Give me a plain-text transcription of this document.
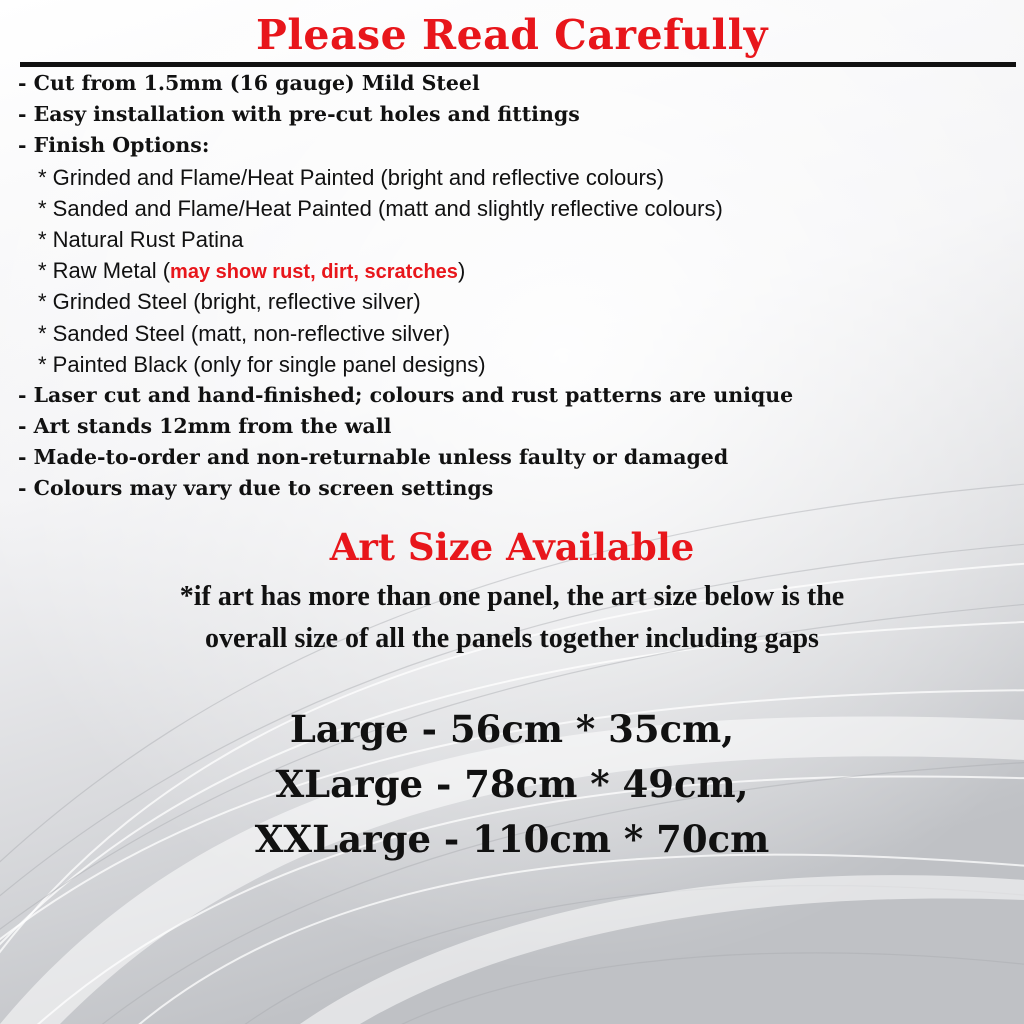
Please Read Carefully
- Cut from 1.5mm (16 gauge) Mild Steel
- Easy installation with pre-cut holes and fittings
- Finish Options:
* Grinded and Flame/Heat Painted (bright and reflective colours)
* Sanded and Flame/Heat Painted (matt and slightly reflective colours)
* Natural Rust Patina
* Raw Metal (may show rust, dirt, scratches)
* Grinded Steel (bright, reflective silver)
* Sanded Steel (matt, non-reflective silver)
* Painted Black (only for single panel designs)
- Laser cut and hand-finished; colours and rust patterns are unique
- Art stands 12mm from the wall
- Made-to-order and non-returnable unless faulty or damaged
- Colours may vary due to screen settings
Art Size Available

*if art has more than one panel, the art size below is the
overall size of all the panels together including gaps

Large - 56cm * 35cm,
XLarge - 78cm * 49cm,
XXLarge - 110cm * 70cm
